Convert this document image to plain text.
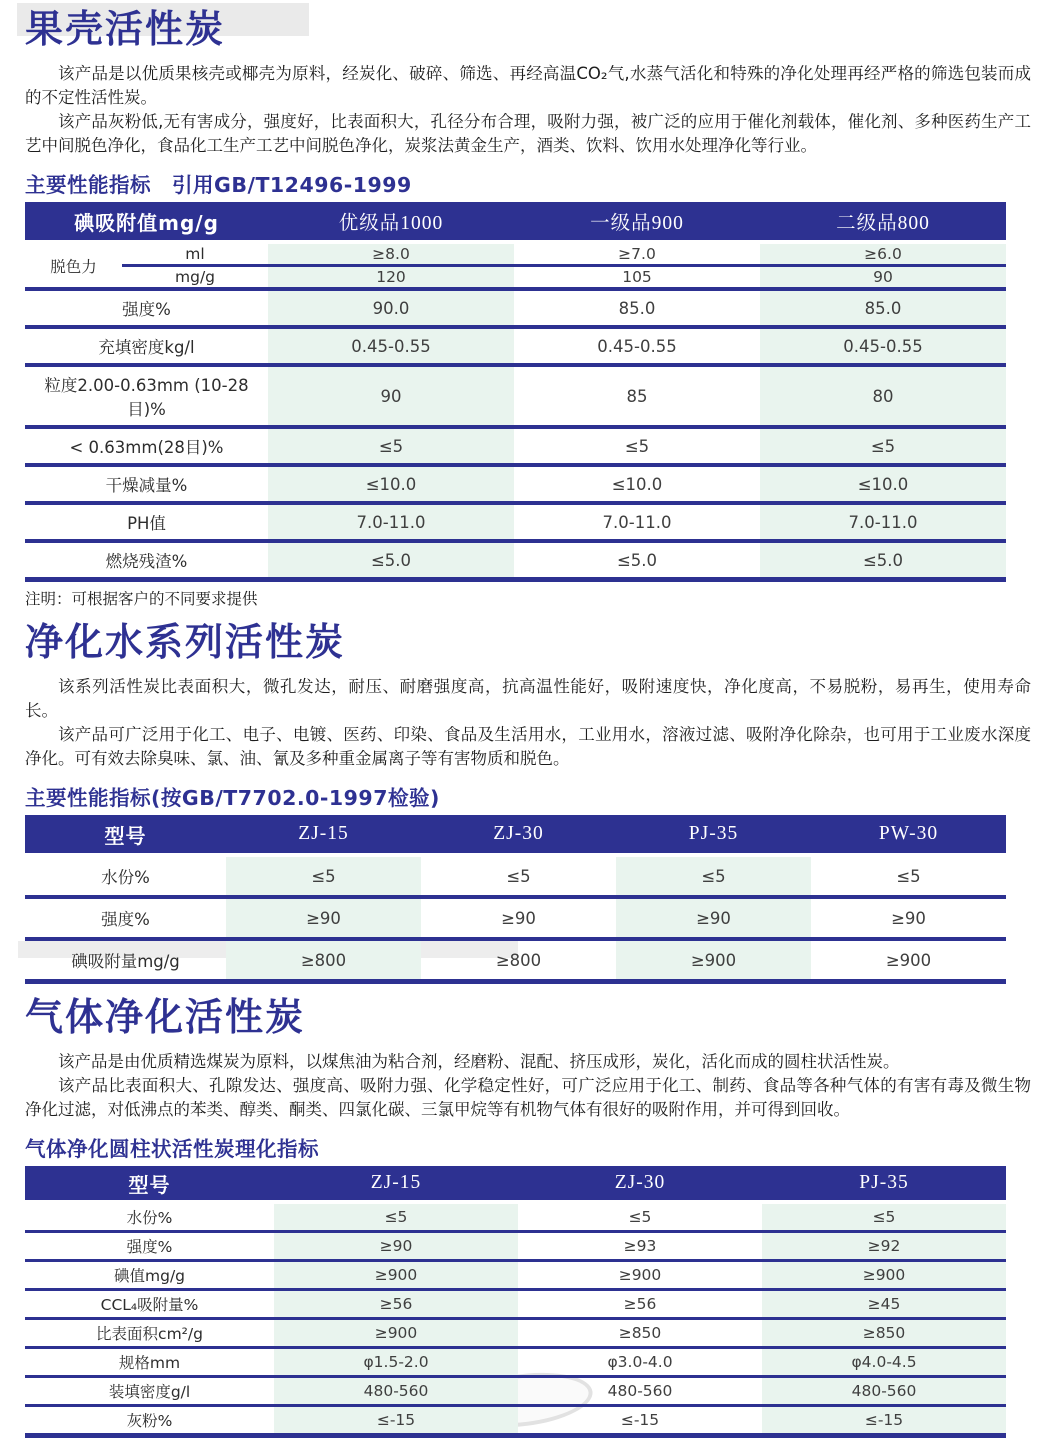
果壳活性炭

该产品是以优质果核壳或椰壳为原料，经炭化、破碎、筛选、再经高温CO₂气,水蒸气活化和特殊的净化处理再经严格的筛选包装而成的不定性活性炭。

该产品灰粉低,无有害成分，强度好，比表面积大，孔径分布合理，吸附力强，被广泛的应用于催化剂载体，催化剂、多种医药生产工艺中间脱色净化，食品化工生产工艺中间脱色净化，炭浆法黄金生产，酒类、饮料、饮用水处理净化等行业。

主要性能指标　引用GB/T12496-1999
碘吸附值mg/g		优级品1000	一级品900	二级品800
脱色力	ml	≥8.0	≥7.0	≥6.0
	mg/g	120	105	90
强度%		90.0	85.0	85.0
充填密度kg/l		0.45-0.55	0.45-0.55	0.45-0.55
粒度2.00-0.63mm (10-28目)%		90	85	80
< 0.63mm(28目)%		≤5	≤5	≤5
干燥减量%		≤10.0	≤10.0	≤10.0
PH值		7.0-11.0	7.0-11.0	7.0-11.0
燃烧残渣%		≤5.0	≤5.0	≤5.0

注明：可根据客户的不同要求提供

净化水系列活性炭

该系列活性炭比表面积大，微孔发达，耐压、耐磨强度高，抗高温性能好，吸附速度快，净化度高，不易脱粉，易再生，使用寿命长。

该产品可广泛用于化工、电子、电镀、医药、印染、食品及生活用水，工业用水，溶液过滤、吸附净化除杂，也可用于工业废水深度净化。可有效去除臭味、氯、油、氰及多种重金属离子等有害物质和脱色。

主要性能指标(按GB/T7702.0-1997检验)
型号	ZJ-15	ZJ-30	PJ-35	PW-30
水份%	≤5	≤5	≤5	≤5
强度%	≥90	≥90	≥90	≥90
碘吸附量mg/g	≥800	≥800	≥900	≥900
气体净化活性炭

该产品是由优质精选煤炭为原料，以煤焦油为粘合剂，经磨粉、混配、挤压成形，炭化，活化而成的圆柱状活性炭。

该产品比表面积大、孔隙发达、强度高、吸附力强、化学稳定性好，可广泛应用于化工、制药、食品等各种气体的有害有毒及微生物净化过滤，对低沸点的苯类、醇类、酮类、四氯化碳、三氯甲烷等有机物气体有很好的吸附作用，并可得到回收。

气体净化圆柱状活性炭理化指标
型号	ZJ-15	ZJ-30	PJ-35
水份%	≤5	≤5	≤5
强度%	≥90	≥93	≥92
碘值mg/g	≥900	≥900	≥900
CCL₄吸附量%	≥56	≥56	≥45
比表面积cm²/g	≥900	≥850	≥850
规格mm	φ1.5-2.0	φ3.0-4.0	φ4.0-4.5
装填密度g/l	480-560	480-560	480-560
灰粉%	≤-15	≤-15	≤-15
